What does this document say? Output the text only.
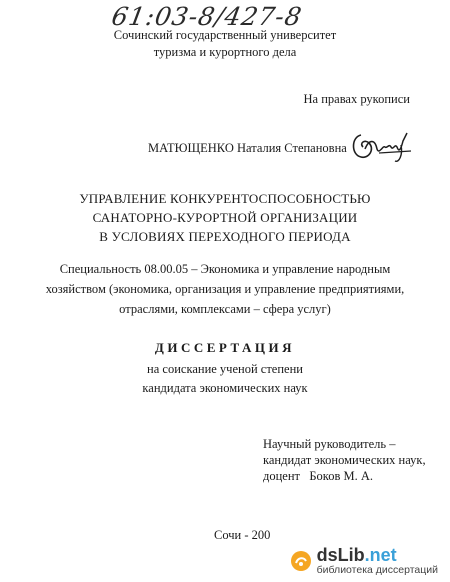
61:03-8/427-8
Сочинский государственный университет
туризма и курортного дела
На правах рукописи
МАТЮЩЕНКО Наталия Степановна
УПРАВЛЕНИЕ КОНКУРЕНТОСПОСОБНОСТЬЮ
САНАТОРНО-КУРОРТНОЙ ОРГАНИЗАЦИИ
В УСЛОВИЯХ ПЕРЕХОДНОГО ПЕРИОДА
Специальность 08.00.05 – Экономика и управление народным
хозяйством (экономика, организация и управление предприятиями,
отраслями, комплексами – сфера услуг)
ДИССЕРТАЦИЯ
на соискание ученой степени
кандидата экономических наук
Научный руководитель –
кандидат экономических наук,
доцент   Боков М. А.
Сочи - 200
dsLib.net
библиотека диссертаций
